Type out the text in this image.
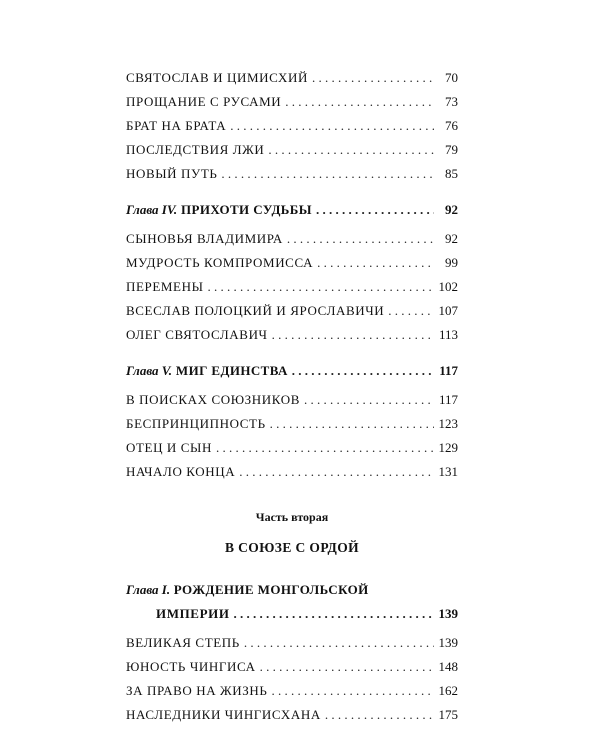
СВЯТОСЛАВ И ЦИМИСХИЙ . . .	70
ПРОЩАНИЕ С РУСАМИ . . .	73
БРАТ НА БРАТА . . .	76
ПОСЛЕДСТВИЯ ЛЖИ . . .	79
НОВЫЙ ПУТЬ . . .	85
Глава IV. ПРИХОТИ СУДЬБЫ . . .	92
СЫНОВЬЯ ВЛАДИМИРА . . .	92
МУДРОСТЬ КОМПРОМИССА . . .	99
ПЕРЕМЕНЫ . . .	102
ВСЕСЛАВ ПОЛОЦКИЙ И ЯРОСЛАВИЧИ . . .	107
ОЛЕГ СВЯТОСЛАВИЧ . . .	113
Глава V. МИГ ЕДИНСТВА . . .	117
В ПОИСКАХ СОЮЗНИКОВ . . .	117
БЕСПРИНЦИПНОСТЬ . . .	123
ОТЕЦ И СЫН . . .	129
НАЧАЛО КОНЦА . . .	131
Часть вторая
В СОЮЗЕ С ОРДОЙ
Глава I. РОЖДЕНИЕ МОНГОЛЬСКОЙ
ИМПЕРИИ . . .	139
ВЕЛИКАЯ СТЕПЬ . . .	139
ЮНОСТЬ ЧИНГИСА . . .	148
ЗА ПРАВО НА ЖИЗНЬ . . .	162
НАСЛЕДНИКИ ЧИНГИСХАНА . . .	175
